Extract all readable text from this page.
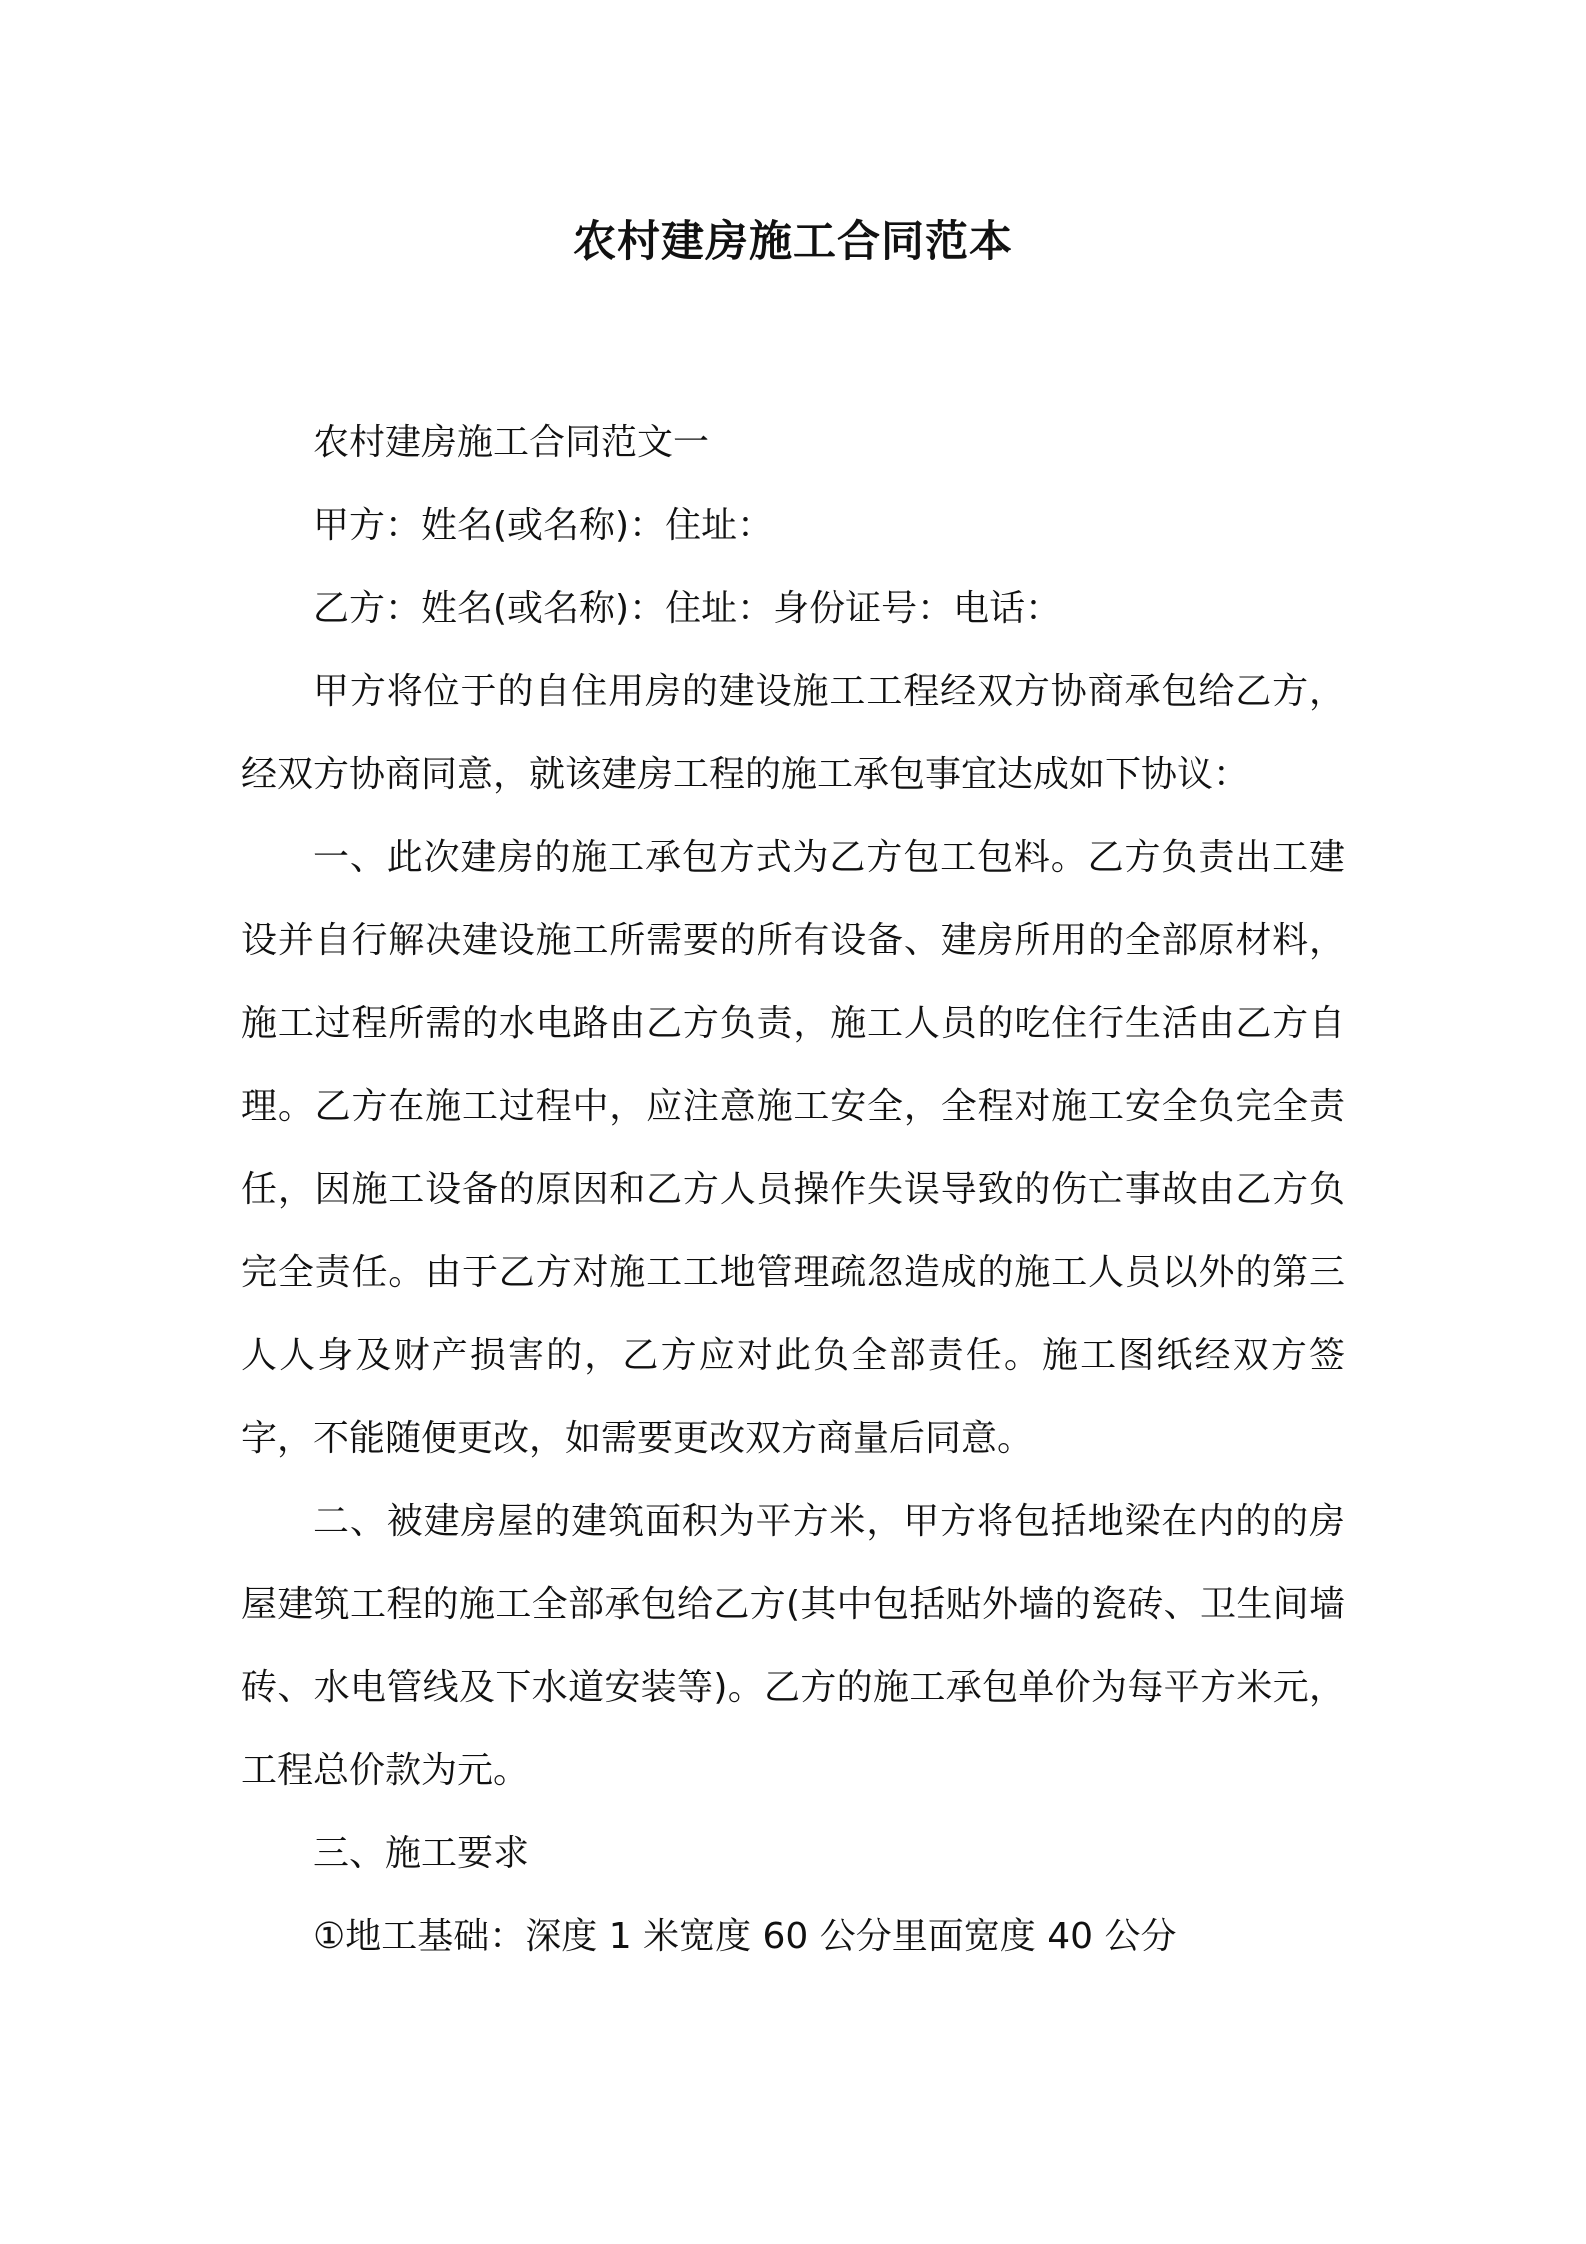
农村建房施工合同范本

农村建房施工合同范文一

甲方：姓名(或名称)：住址：

乙方：姓名(或名称)：住址：身份证号：电话：

甲方将位于的自住用房的建设施工工程经双方协商承包给乙方，经双方协商同意，就该建房工程的施工承包事宜达成如下协议：

一、此次建房的施工承包方式为乙方包工包料。乙方负责出工建设并自行解决建设施工所需要的所有设备、建房所用的全部原材料，施工过程所需的水电路由乙方负责，施工人员的吃住行生活由乙方自理。乙方在施工过程中，应注意施工安全，全程对施工安全负完全责任，因施工设备的原因和乙方人员操作失误导致的伤亡事故由乙方负完全责任。由于乙方对施工工地管理疏忽造成的施工人员以外的第三人人身及财产损害的，乙方应对此负全部责任。施工图纸经双方签字，不能随便更改，如需要更改双方商量后同意。

二、被建房屋的建筑面积为平方米，甲方将包括地梁在内的的房屋建筑工程的施工全部承包给乙方(其中包括贴外墙的瓷砖、卫生间墙砖、水电管线及下水道安装等)。乙方的施工承包单价为每平方米元，工程总价款为元。

三、施工要求

①地工基础：深度 1 米宽度 60 公分里面宽度 40 公分
